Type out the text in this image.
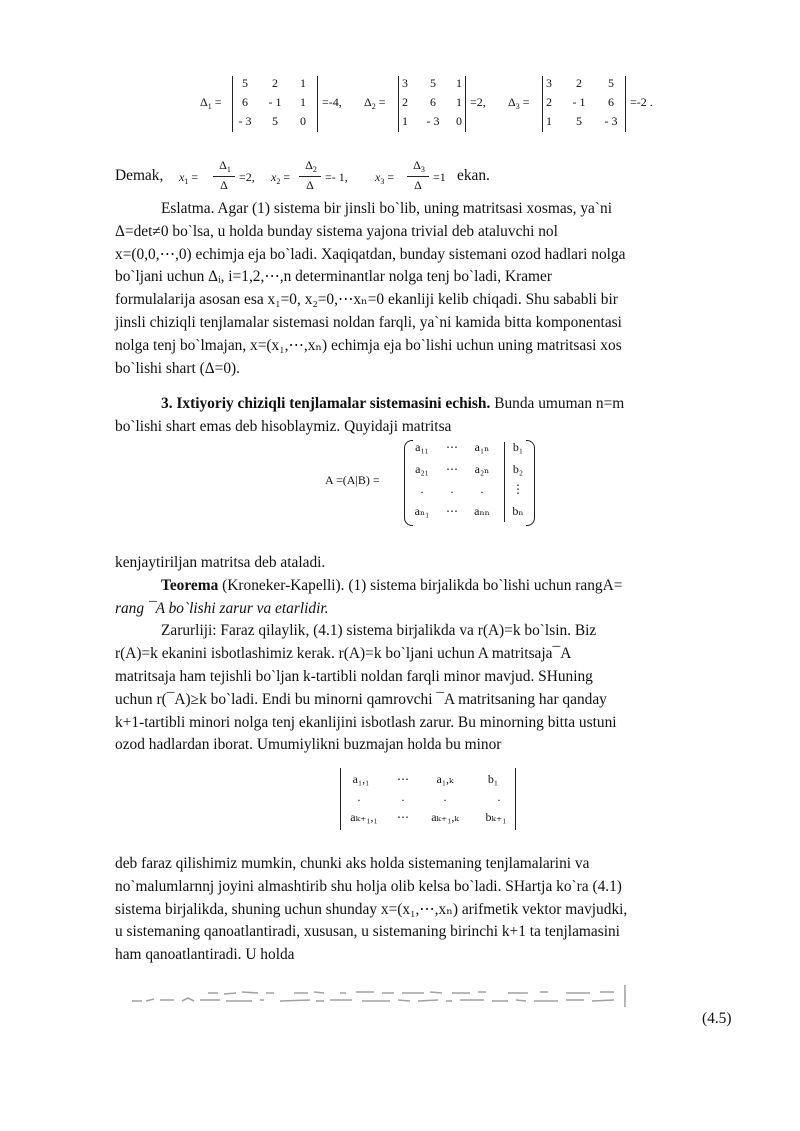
$\Delta_1$ =
5	2	1
6	- 1	1
- 3	5	0
=-4, $\Delta_2$ =
3	5	1
2	6	1
1	- 3	0
=2, $\Delta_3$ =
3	2	5
2	- 1	6
1	5	- 3
=-2 .
Demak, $x_1$ =
$\Delta_1$
Δ
=2, $x_2$ =
$\Delta_2$
Δ
=- 1, $x_3$ =
$\Delta_3$
Δ
=1 ekan.
Eslatma. Agar (1) sistema bir jinsli bo`lib, uning matritsasi xosmas, ya`ni
Δ=det≠0 bo`lsa, u holda bunday sistema yajona trivial deb ataluvchi nol
x=(0,0,⋯,0) echimja eja bo`ladi. Xaqiqatdan, bunday sistemani ozod hadlari nolga
bo`ljani uchun Δᵢ, i=1,2,⋯,n determinantlar nolga tenj bo`ladi, Kramer
formulalarija asosan esa x₁=0, x₂=0,⋯xₙ=0 ekanliji kelib chiqadi. Shu sababli bir
jinsli chiziqli tenjlamalar sistemasi noldan farqli, ya`ni kamida bitta komponentasi
nolga tenj bo`lmajan, x=(x₁,⋯,xₙ) echimja eja bo`lishi uchun uning matritsasi xos
bo`lishi shart (Δ=0).
3. Ixtiyoriy chiziqli tenjlamalar sistemasini echish. Bunda umuman n=m
bo`lishi shart emas deb hisoblaymiz. Quyidaji matritsa
A =(A|B) =
a₁₁	⋯	a₁ₙ	b₁
a₂₁	⋯	a₂ₙ	b₂
.	.	.	⋮
aₙ₁	⋯	aₙₙ	bₙ
kenjaytiriljan matritsa deb ataladi.
Teorema (Kroneker-Kapelli). (1) sistema birjalikda bo`lishi uchun rangA=
rang ¯A bo`lishi zarur va etarlidir.
Zarurliji: Faraz qilaylik, (4.1) sistema birjalikda va r(A)=k bo`lsin. Biz
r(A)=k ekanini isbotlashimiz kerak. r(A)=k bo`ljani uchun A matritsaja¯A
matritsaja ham tejishli bo`ljan k-tartibli noldan farqli minor mavjud. SHuning
uchun r(¯A)≥k bo`ladi. Endi bu minorni qamrovchi ¯A matritsaning har qanday
k+1-tartibli minori nolga tenj ekanlijini isbotlash zarur. Bu minorning bitta ustuni
ozod hadlardan iborat. Umumiylikni buzmajan holda bu minor
a₁,₁	⋯	a₁,ₖ	b₁
.	.	.	.
aₖ₊₁,₁	⋯	aₖ₊₁,ₖ	bₖ₊₁
deb faraz qilishimiz mumkin, chunki aks holda sistemaning tenjlamalarini va
no`malumlarnnj joyini almashtirib shu holja olib kelsa bo`ladi. SHartja ko`ra (4.1)
sistema birjalikda, shuning uchun shunday x=(x₁,⋯,xₙ) arifmetik vektor mavjudki,
u sistemaning qanoatlantiradi, xususan, u sistemaning birinchi k+1 ta tenjlamasini
ham qanoatlantiradi. U holda
(4.5)
